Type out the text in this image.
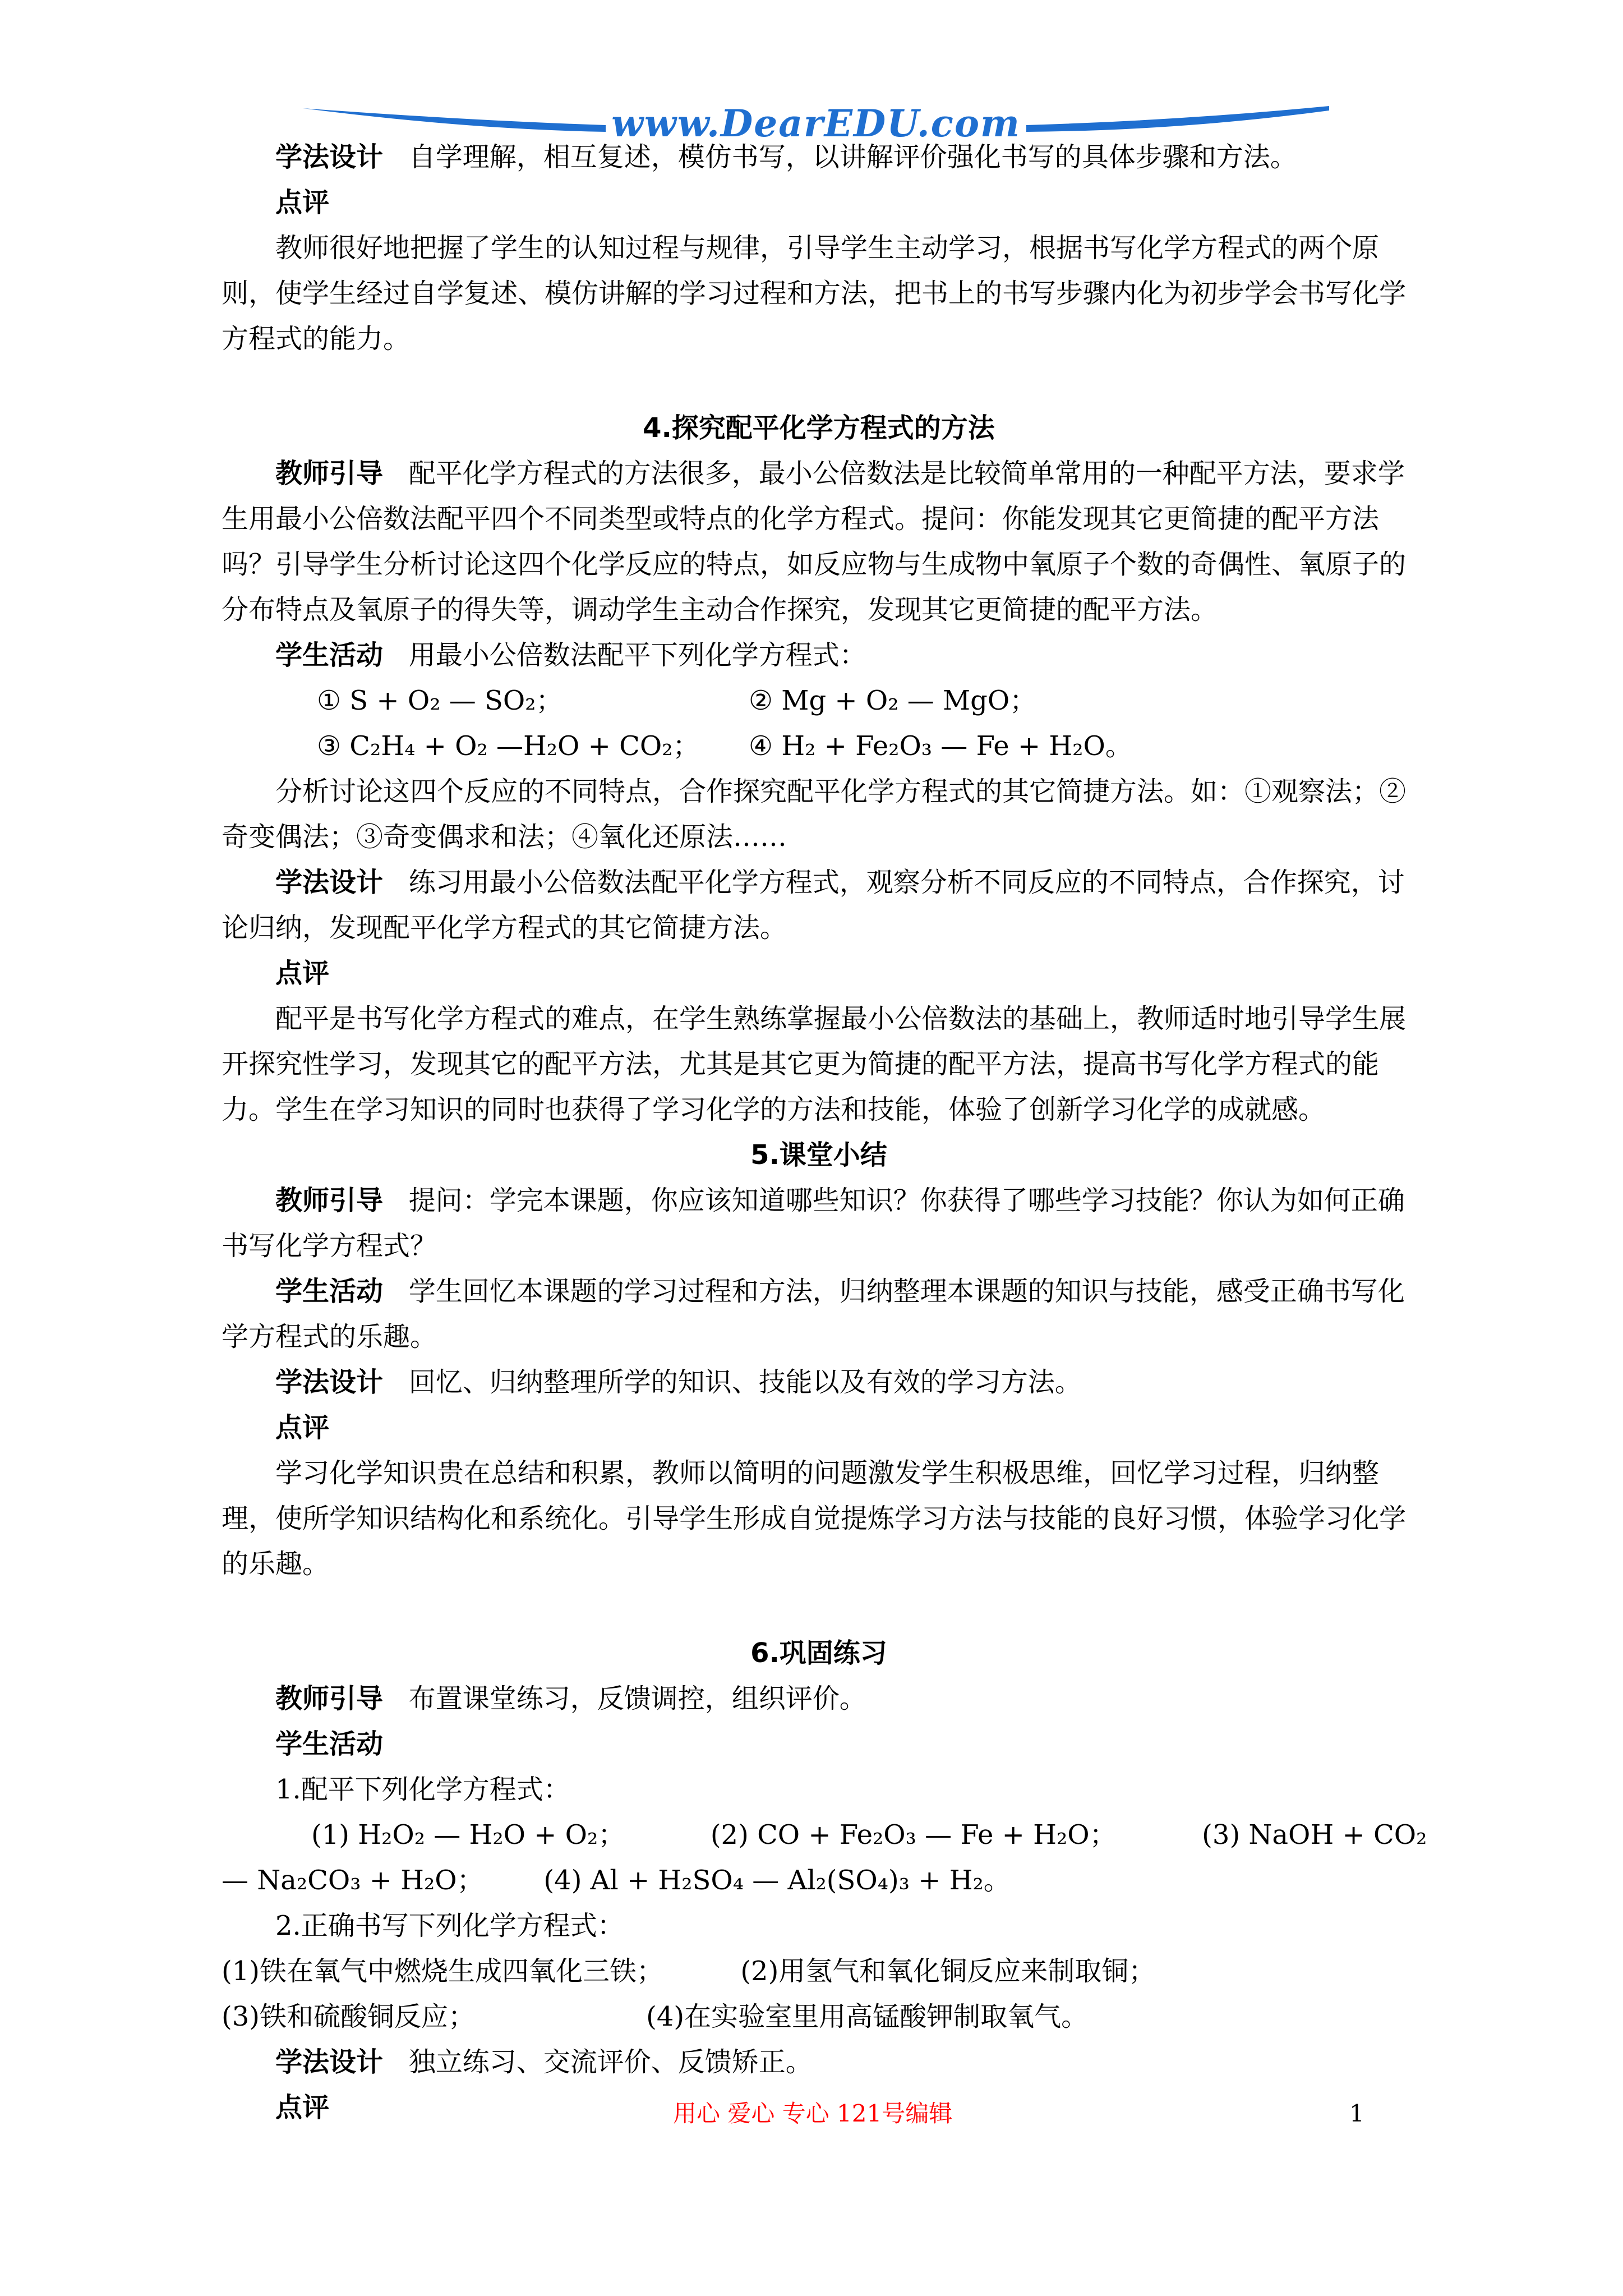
www.DearEDU.com

学法设计 自学理解，相互复述，模仿书写，以讲解评价强化书写的具体步骤和方法。

点评

教师很好地把握了学生的认知过程与规律，引导学生主动学习，根据书写化学方程式的两个原则，使学生经过自学复述、模仿讲解的学习过程和方法，把书上的书写步骤内化为初步学会书写化学方程式的能力。

4.探究配平化学方程式的方法

教师引导 配平化学方程式的方法很多，最小公倍数法是比较简单常用的一种配平方法，要求学生用最小公倍数法配平四个不同类型或特点的化学方程式。提问：你能发现其它更简捷的配平方法吗？引导学生分析讨论这四个化学反应的特点，如反应物与生成物中氧原子个数的奇偶性、氧原子的分布特点及氧原子的得失等，调动学生主动合作探究，发现其它更简捷的配平方法。

学生活动 用最小公倍数法配平下列化学方程式：

① S + O₂ — SO₂；	② Mg + O₂ — MgO；

③ C₂H₄ + O₂ —H₂O + CO₂； ④ H₂ + Fe₂O₃ — Fe + H₂O。

分析讨论这四个反应的不同特点，合作探究配平化学方程式的其它简捷方法。如：①观察法；②奇变偶法；③奇变偶求和法；④氧化还原法……

学法设计 练习用最小公倍数法配平化学方程式，观察分析不同反应的不同特点，合作探究，讨论归纳，发现配平化学方程式的其它简捷方法。

点评

配平是书写化学方程式的难点，在学生熟练掌握最小公倍数法的基础上，教师适时地引导学生展开探究性学习，发现其它的配平方法，尤其是其它更为简捷的配平方法，提高书写化学方程式的能力。学生在学习知识的同时也获得了学习化学的方法和技能，体验了创新学习化学的成就感。

5.课堂小结

教师引导 提问：学完本课题，你应该知道哪些知识？你获得了哪些学习技能？你认为如何正确书写化学方程式？

学生活动 学生回忆本课题的学习过程和方法，归纳整理本课题的知识与技能，感受正确书写化学方程式的乐趣。

学法设计 回忆、归纳整理所学的知识、技能以及有效的学习方法。

点评

学习化学知识贵在总结和积累，教师以简明的问题激发学生积极思维，回忆学习过程，归纳整理，使所学知识结构化和系统化。引导学生形成自觉提炼学习方法与技能的良好习惯，体验学习化学的乐趣。

6.巩固练习

教师引导 布置课堂练习，反馈调控，组织评价。

学生活动

1.配平下列化学方程式：

(1) H₂O₂ — H₂O + O₂；          (2) CO + Fe₂O₃ — Fe + H₂O；          (3) NaOH + CO₂

— Na₂CO₃ + H₂O；       (4) Al + H₂SO₄ — Al₂(SO₄)₃ + H₂。

2.正确书写下列化学方程式：

(1)铁在氧气中燃烧生成四氧化三铁；         (2)用氢气和氧化铜反应来制取铜；

(3)铁和硫酸铜反应；                    (4)在实验室里用高锰酸钾制取氧气。

学法设计 独立练习、交流评价、反馈矫正。

点评	用心 爱心 专心 121号编辑	1
